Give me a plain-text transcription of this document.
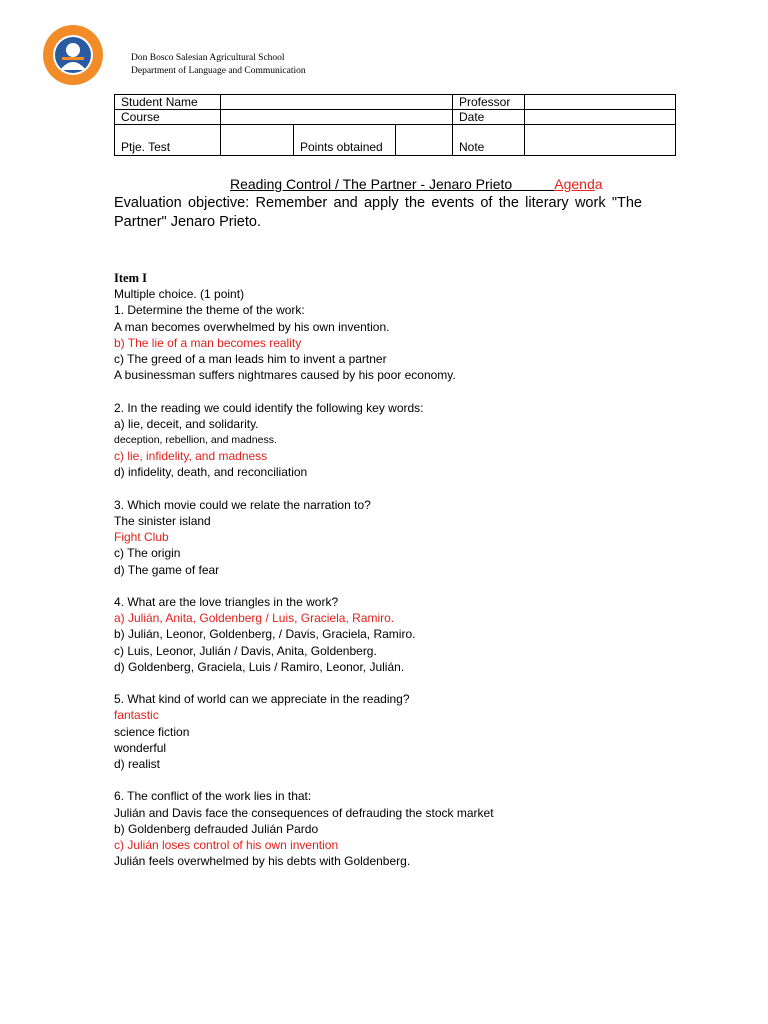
Don Bosco Salesian Agricultural School
Department of Language and Communication
Student Name				Professor	
Course				Date	
Ptje. Test		Points obtained		Note	
Reading Control / The Partner - Jenaro Prieto	Agenda
Evaluation objective: Remember and apply the events of the literary work "The Partner" Jenaro Prieto.
Item I
Multiple choice. (1 point)
1. Determine the theme of the work:
A man becomes overwhelmed by his own invention.
b) The lie of a man becomes reality
c) The greed of a man leads him to invent a partner
A businessman suffers nightmares caused by his poor economy.
2. In the reading we could identify the following key words:
a) lie, deceit, and solidarity.
deception, rebellion, and madness.
c) lie, infidelity, and madness
d) infidelity, death, and reconciliation
3. Which movie could we relate the narration to?
The sinister island
Fight Club
c) The origin
d) The game of fear
4. What are the love triangles in the work?
a) Julián, Anita, Goldenberg / Luis, Graciela, Ramiro.
b) Julián, Leonor, Goldenberg, / Davis, Graciela, Ramiro.
c) Luis, Leonor, Julián / Davis, Anita, Goldenberg.
d) Goldenberg, Graciela, Luis / Ramiro, Leonor, Julián.
5. What kind of world can we appreciate in the reading?
fantastic
science fiction
wonderful
d) realist
6. The conflict of the work lies in that:
Julián and Davis face the consequences of defrauding the stock market
b) Goldenberg defrauded Julián Pardo
c) Julián loses control of his own invention
Julián feels overwhelmed by his debts with Goldenberg.
